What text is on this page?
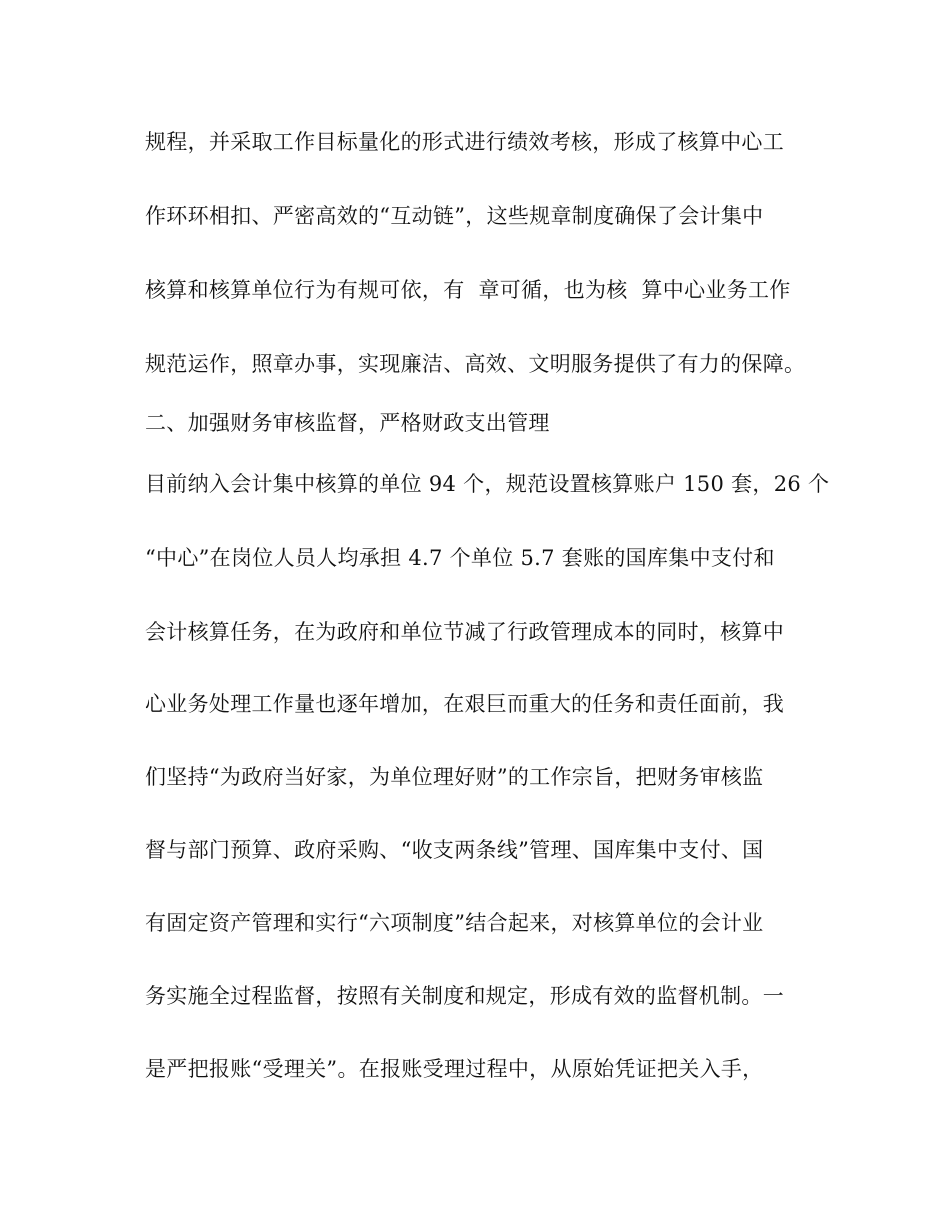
规程，并采取工作目标量化的形式进行绩效考核，形成了核算中心工
作环环相扣、严密高效的“互动链”，这些规章制度确保了会计集中
核算和核算单位行为有规可依，有  章可循，也为核  算中心业务工作
规范运作，照章办事，实现廉洁、高效、文明服务提供了有力的保障。
二、加强财务审核监督，严格财政支出管理
目前纳入会计集中核算的单位 94 个，规范设置核算账户 150 套，26 个
“中心”在岗位人员人均承担 4.7 个单位 5.7 套账的国库集中支付和
会计核算任务，在为政府和单位节减了行政管理成本的同时，核算中
心业务处理工作量也逐年增加，在艰巨而重大的任务和责任面前，我
们坚持“为政府当好家，为单位理好财”的工作宗旨，把财务审核监
督与部门预算、政府采购、“收支两条线”管理、国库集中支付、国
有固定资产管理和实行“六项制度”结合起来，对核算单位的会计业
务实施全过程监督，按照有关制度和规定，形成有效的监督机制。一
是严把报账“受理关”。在报账受理过程中，从原始凭证把关入手，
